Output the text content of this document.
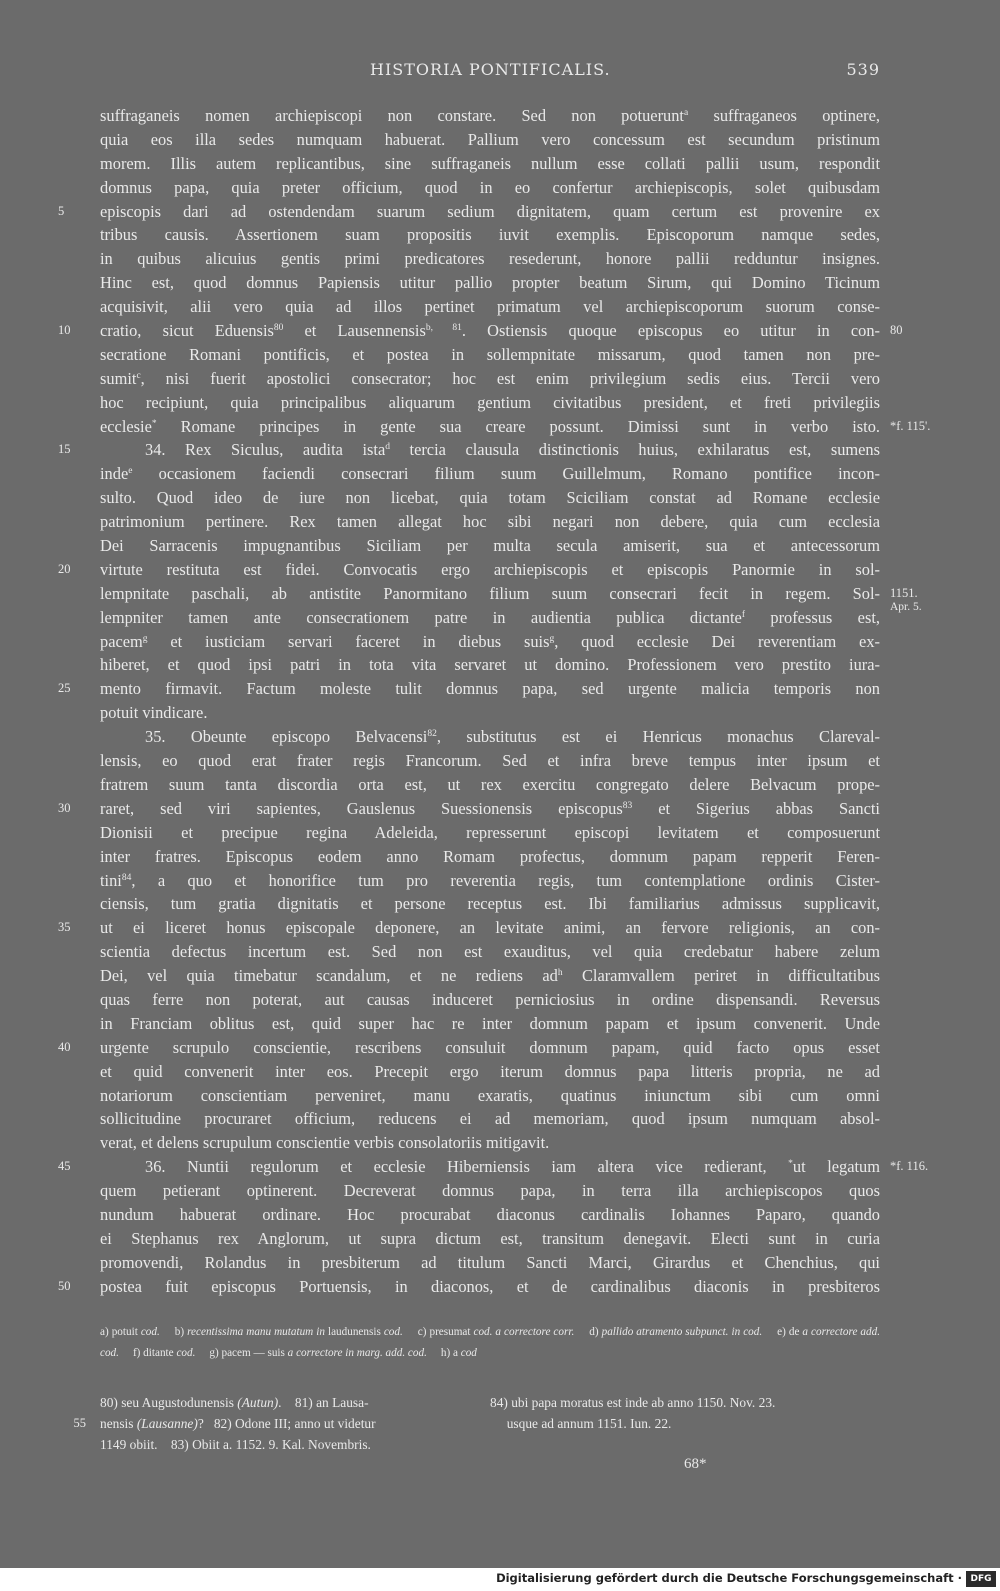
HISTORIA PONTIFICALIS.	539
suffraganeis nomen archiepiscopi non constare. Sed non potuerunt$^a$ suffraganeos optinere,
quia eos illa sedes numquam habuerat. Pallium vero concessum est secundum pristinum
morem. Illis autem replicantibus, sine suffraganeis nullum esse collati pallii usum, respondit
domnus papa, quia preter officium, quod in eo confertur archiepiscopis, solet quibusdam
episcopis dari ad ostendendam suarum sedium dignitatem, quam certum est provenire ex
5
tribus causis. Assertionem suam propositis iuvit exemplis. Episcoporum namque sedes,
in quibus alicuius gentis primi predicatores resederunt, honore pallii redduntur insignes.
Hinc est, quod domnus Papiensis utitur pallio propter beatum Sirum, qui Domino Ticinum
acquisivit, alii vero quia ad illos pertinet primatum vel archiepiscoporum suorum conse-
cratio, sicut Eduensis$^{80}$ et Lausennensis$^{b, 81}$. Ostiensis quoque episcopus eo utitur in con-
10	80
secratione Romani pontificis, et postea in sollempnitate missarum, quod tamen non pre-
sumit$^c$, nisi fuerit apostolici consecrator; hoc est enim privilegium sedis eius. Tercii vero
hoc recipiunt, quia principalibus aliquarum gentium civitatibus president, et freti privilegiis
ecclesie* Romane principes in gente sua creare possunt. Dimissi sunt in verbo isto. *f. 115'.
34. Rex Siculus, audita ista$^d$ tercia clausula distinctionis huius, exhilaratus est, sumens
15
inde$^e$ occasionem faciendi consecrari filium suum Guillelmum, Romano pontifice incon-
sulto. Quod ideo de iure non licebat, quia totam Sciciliam constat ad Romane ecclesie
patrimonium pertinere. Rex tamen allegat hoc sibi negari non debere, quia cum ecclesia
Dei Sarracenis impugnantibus Siciliam per multa secula amiserit, sua et antecessorum
virtute restituta est fidei. Convocatis ergo archiepiscopis et episcopis Panormie in sol-
20
lempnitate paschali, ab antistite Panormitano filium suum consecrari fecit in regem. Sol- 1151.
Apr. 5.
lempniter tamen ante consecrationem patre in audientia publica dictante$^f$ professus est,
pacem$^g$ et iusticiam servari faceret in diebus suis$^g$, quod ecclesie Dei reverentiam ex-
hiberet, et quod ipsi patri in tota vita servaret ut domino. Professionem vero prestito iura-
mento firmavit. Factum moleste tulit domnus papa, sed urgente malicia temporis non
25
potuit vindicare.
35. Obeunte episcopo Belvacensi$^{82}$, substitutus est ei Henricus monachus Clareval-
lensis, eo quod erat frater regis Francorum. Sed et infra breve tempus inter ipsum et
fratrem suum tanta discordia orta est, ut rex exercitu congregato delere Belvacum prope-
raret, sed viri sapientes, Gauslenus Suessionensis episcopus$^{83}$ et Sigerius abbas Sancti
30
Dionisii et precipue regina Adeleida, represserunt episcopi levitatem et composuerunt
inter fratres. Episcopus eodem anno Romam profectus, domnum papam repperit Feren-
tini$^{84}$, a quo et honorifice tum pro reverentia regis, tum contemplatione ordinis Cister-
ciensis, tum gratia dignitatis et persone receptus est. Ibi familiarius admissus supplicavit,
ut ei liceret honus episcopale deponere, an levitate animi, an fervore religionis, an con-
35
scientia defectus incertum est. Sed non est exauditus, vel quia credebatur habere zelum
Dei, vel quia timebatur scandalum, et ne rediens $ad^h$ Claramvallem periret in difficultatibus
quas ferre non poterat, aut causas induceret perniciosius in ordine dispensandi. Reversus
in Franciam oblitus est, quid super hac re inter domnum papam et ipsum convenerit. Unde
urgente scrupulo conscientie, rescribens consuluit domnum papam, quid facto opus esset
40
et quid convenerit inter eos. Precepit ergo iterum domnus papa litteris propria, ne ad
notariorum conscientiam perveniret, manu exaratis, quatinus iniunctum sibi cum omni
sollicitudine procuraret officium, reducens ei ad memoriam, quod ipsum numquam absol-
verat, et delens scrupulum conscientie verbis consolatoriis mitigavit.
36. Nuntii regulorum et ecclesie Hiberniensis iam altera vice redierant, *ut legatum
45	*f. 116.
quem petierant optinerent. Decreverat domnus papa, in terra illa archiepiscopos quos
nundum habuerat ordinare. Hoc procurabat diaconus cardinalis Iohannes Paparo, quando
ei Stephanus rex Anglorum, ut supra dictum est, transitum denegavit. Electi sunt in curia
promovendi, Rolandus in presbiterum ad titulum Sancti Marci, Girardus et Chenchius, qui
postea fuit episcopus Portuensis, in diaconos, et de cardinalibus diaconis in presbiteros
50
a) potuit cod.     b) recentissima manu mutatum in laudunensis cod.     c) presumat cod. a correctore corr.     d) pallido atramento subpunct. in cod.     e) de a correctore add. cod.     f) ditante cod.     g) pacem — suis a correctore in marg. add. cod.     h) a cod
80) seu Augustodunensis (Autun).    81) an Lausa-
nensis (Lausanne)?   82) Odone III; anno ut videtur
55
1149 obiit.    83) Obiit a. 1152. 9. Kal. Novembris.
84) ubi papa moratus est inde ab anno 1150. Nov. 23.
usque ad annum 1151. Iun. 22.
68*
Digitalisierung gefördert durch die Deutsche Forschungsgemeinschaft · DFG
